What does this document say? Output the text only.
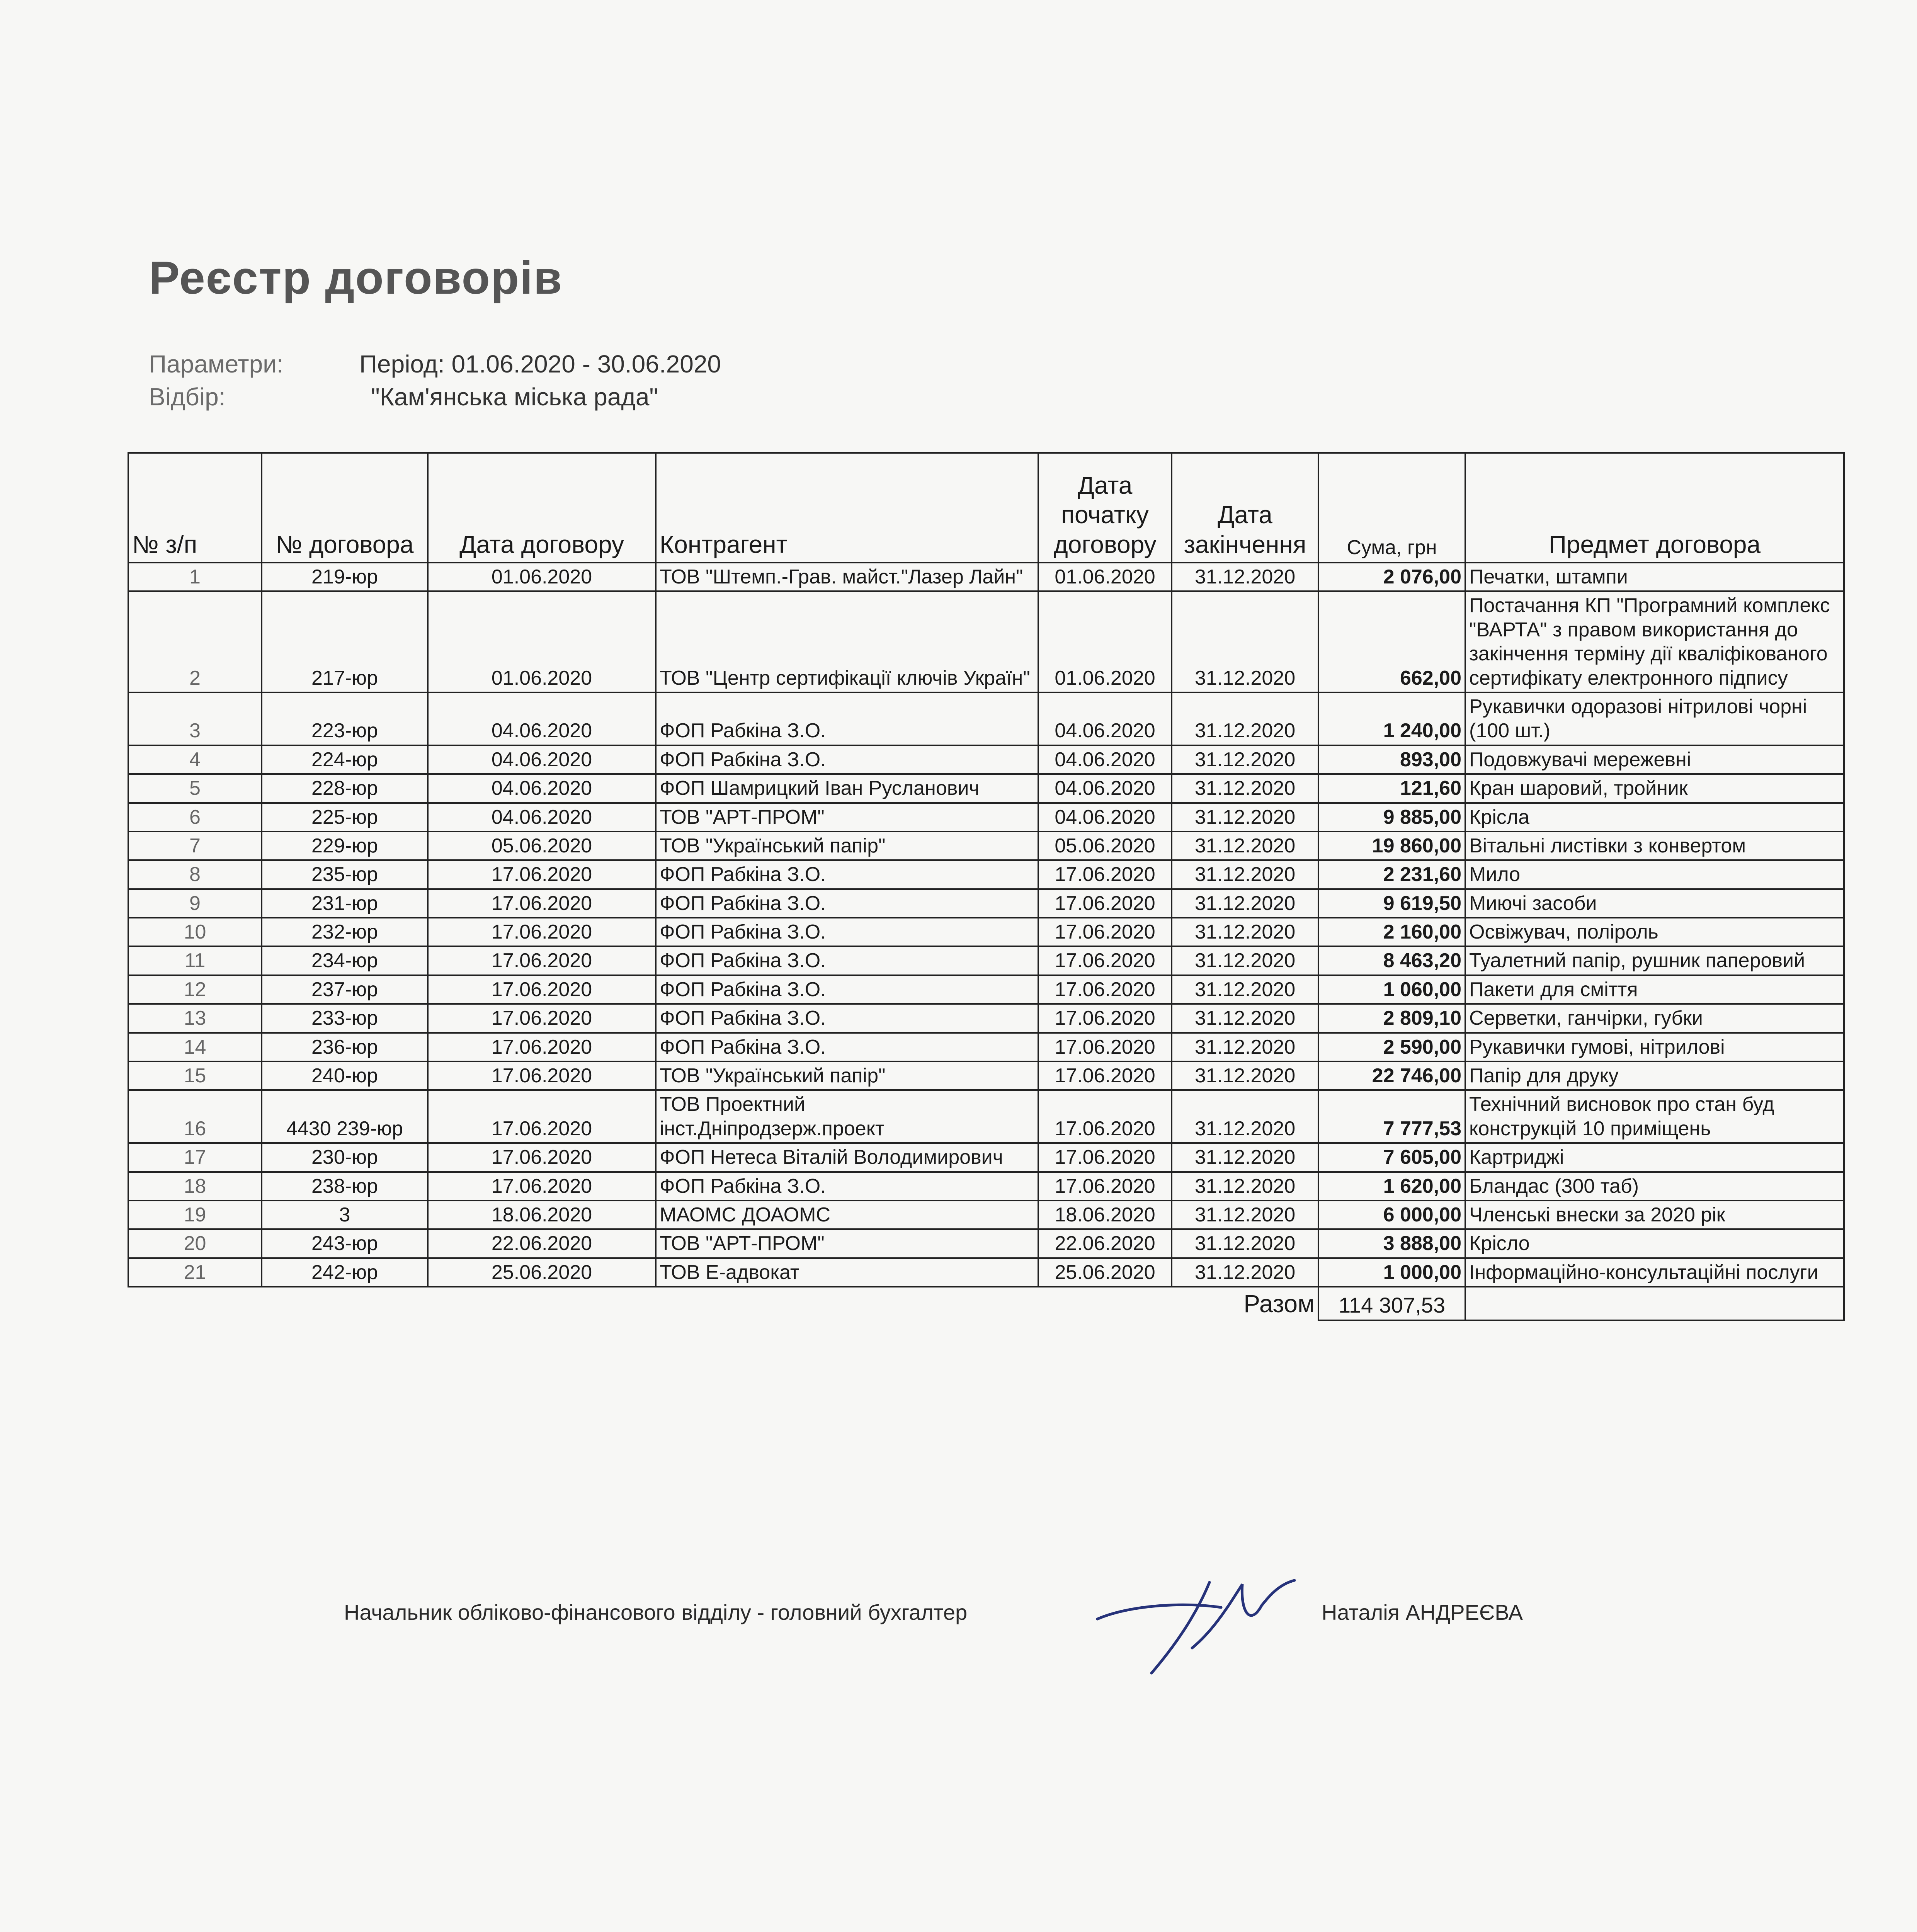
Реєстр договорів
Параметри:	Період: 01.06.2020 - 30.06.2020
Відбір:	"Кам'янська міська рада"
№ з/п	№ договора	Дата договору	Контрагент	Дата початку договору	Дата закінчення	Сума, грн	Предмет договора
1	219-юр	01.06.2020	ТОВ "Штемп.-Грав. майст."Лазер Лайн"	01.06.2020	31.12.2020	2 076,00	Печатки, штампи
2	217-юр	01.06.2020	ТОВ "Центр сертифікації ключів Україн"	01.06.2020	31.12.2020	662,00	Постачання КП "Програмний комплекс "ВАРТА" з правом використання до закінчення терміну дії кваліфікованого сертифікату електронного підпису
3	223-юр	04.06.2020	ФОП Рабкіна З.О.	04.06.2020	31.12.2020	1 240,00	Рукавички одоразові нітрилові чорні (100 шт.)
4	224-юр	04.06.2020	ФОП Рабкіна З.О.	04.06.2020	31.12.2020	893,00	Подовжувачі мережевні
5	228-юр	04.06.2020	ФОП Шамрицкий Іван Русланович	04.06.2020	31.12.2020	121,60	Кран шаровий, тройник
6	225-юр	04.06.2020	ТОВ "АРТ-ПРОМ"	04.06.2020	31.12.2020	9 885,00	Крісла
7	229-юр	05.06.2020	ТОВ "Український папір"	05.06.2020	31.12.2020	19 860,00	Вітальні листівки з конвертом
8	235-юр	17.06.2020	ФОП Рабкіна З.О.	17.06.2020	31.12.2020	2 231,60	Мило
9	231-юр	17.06.2020	ФОП Рабкіна З.О.	17.06.2020	31.12.2020	9 619,50	Миючі засоби
10	232-юр	17.06.2020	ФОП Рабкіна З.О.	17.06.2020	31.12.2020	2 160,00	Освіжувач, поліроль
11	234-юр	17.06.2020	ФОП Рабкіна З.О.	17.06.2020	31.12.2020	8 463,20	Туалетний папір, рушник паперовий
12	237-юр	17.06.2020	ФОП Рабкіна З.О.	17.06.2020	31.12.2020	1 060,00	Пакети для сміття
13	233-юр	17.06.2020	ФОП Рабкіна З.О.	17.06.2020	31.12.2020	2 809,10	Серветки, ганчірки, губки
14	236-юр	17.06.2020	ФОП Рабкіна З.О.	17.06.2020	31.12.2020	2 590,00	Рукавички гумові, нітрилові
15	240-юр	17.06.2020	ТОВ "Український папір"	17.06.2020	31.12.2020	22 746,00	Папір для друку
16	4430 239-юр	17.06.2020	ТОВ Проектний інст.Дніпродзерж.проект	17.06.2020	31.12.2020	7 777,53	Технічний висновок про стан буд конструкцій 10 приміщень
17	230-юр	17.06.2020	ФОП Нетеса Віталій Володимирович	17.06.2020	31.12.2020	7 605,00	Картриджі
18	238-юр	17.06.2020	ФОП Рабкіна З.О.	17.06.2020	31.12.2020	1 620,00	Бландас (300 таб)
19	3	18.06.2020	МАОМС ДОАОМС	18.06.2020	31.12.2020	6 000,00	Членські внески за 2020 рік
20	243-юр	22.06.2020	ТОВ "АРТ-ПРОМ"	22.06.2020	31.12.2020	3 888,00	Крісло
21	242-юр	25.06.2020	ТОВ Е-адвокат	25.06.2020	31.12.2020	1 000,00	Інформаційно-консультаційні послуги
Разом						114 307,53	
Начальник обліково-фінансового відділу - головний бухгалтер	Наталія АНДРЕЄВА
